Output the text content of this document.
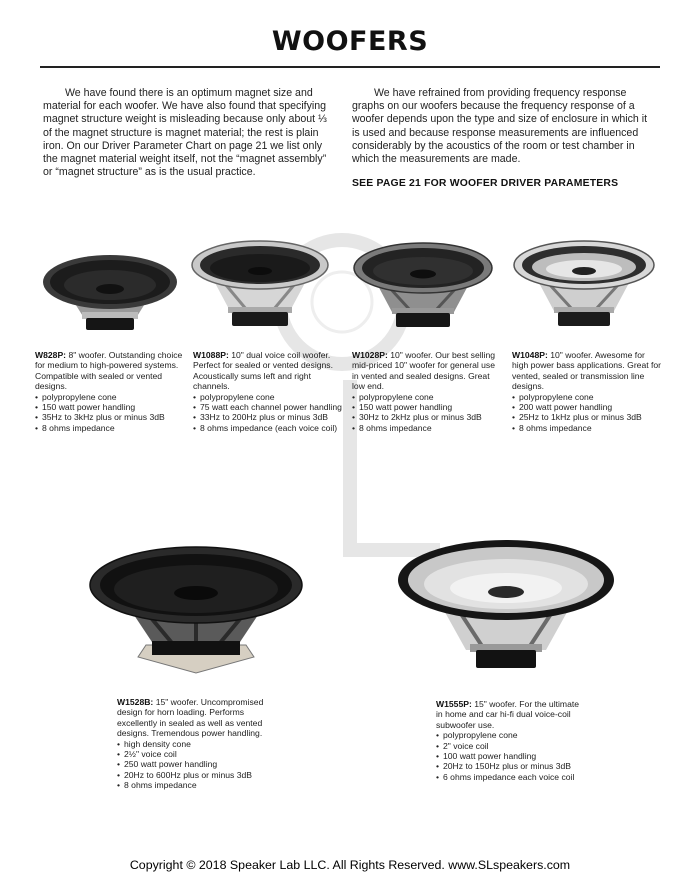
WOOFERS

We have found there is an optimum magnet size and material for each woofer. We have also found that specifying magnet structure weight is misleading because only about ⅓ of the magnet structure is magnet material; the rest is plain iron. On our Driver Parameter Chart on page 21 we list only the magnet material weight itself, not the “magnet assembly” or “magnet structure” as is the usual practice.

We have refrained from providing frequency response graphs on our woofers because the frequency response of a woofer depends upon the type and size of enclosure in which it is used and because response measurements are influenced considerably by the acoustics of the room or test chamber in which the measurements are made.

SEE PAGE 21 FOR WOOFER DRIVER PARAMETERS
W828P: 8" woofer. Outstanding choice for medium to high-powered systems. Compatible with sealed or vented designs.
• polypropylene cone
• 150 watt power handling
• 35Hz to 3kHz plus or minus 3dB
• 8 ohms impedance
W1088P: 10" dual voice coil woofer. Perfect for sealed or vented designs. Acoustically sums left and right channels.
• polypropylene cone
• 75 watt each channel power handling
• 33Hz to 200Hz plus or minus 3dB
• 8 ohms impedance (each voice coil)
W1028P: 10" woofer. Our best selling mid-priced 10" woofer for general use in vented and sealed designs. Great low end.
• polypropylene cone
• 150 watt power handling
• 30Hz to 2kHz plus or minus 3dB
• 8 ohms impedance
W1048P: 10" woofer. Awesome for high power bass applications. Great for vented, sealed or transmission line designs.
• polypropylene cone
• 200 watt power handling
• 25Hz to 1kHz plus or minus 3dB
• 8 ohms impedance
W1528B: 15" woofer. Uncompromised design for horn loading. Performs excellently in sealed as well as vented designs. Tremendous power handling.
• high density cone
• 2½" voice coil
• 250 watt power handling
• 20Hz to 600Hz plus or minus 3dB
• 8 ohms impedance
W1555P: 15" woofer. For the ultimate in home and car hi-fi dual voice-coil subwoofer use.
• polypropylene cone
• 2" voice coil
• 100 watt power handling
• 20Hz to 150Hz plus or minus 3dB
• 6 ohms impedance each voice coil
Copyright © 2018 Speaker Lab LLC. All Rights Reserved. www.SLspeakers.com
